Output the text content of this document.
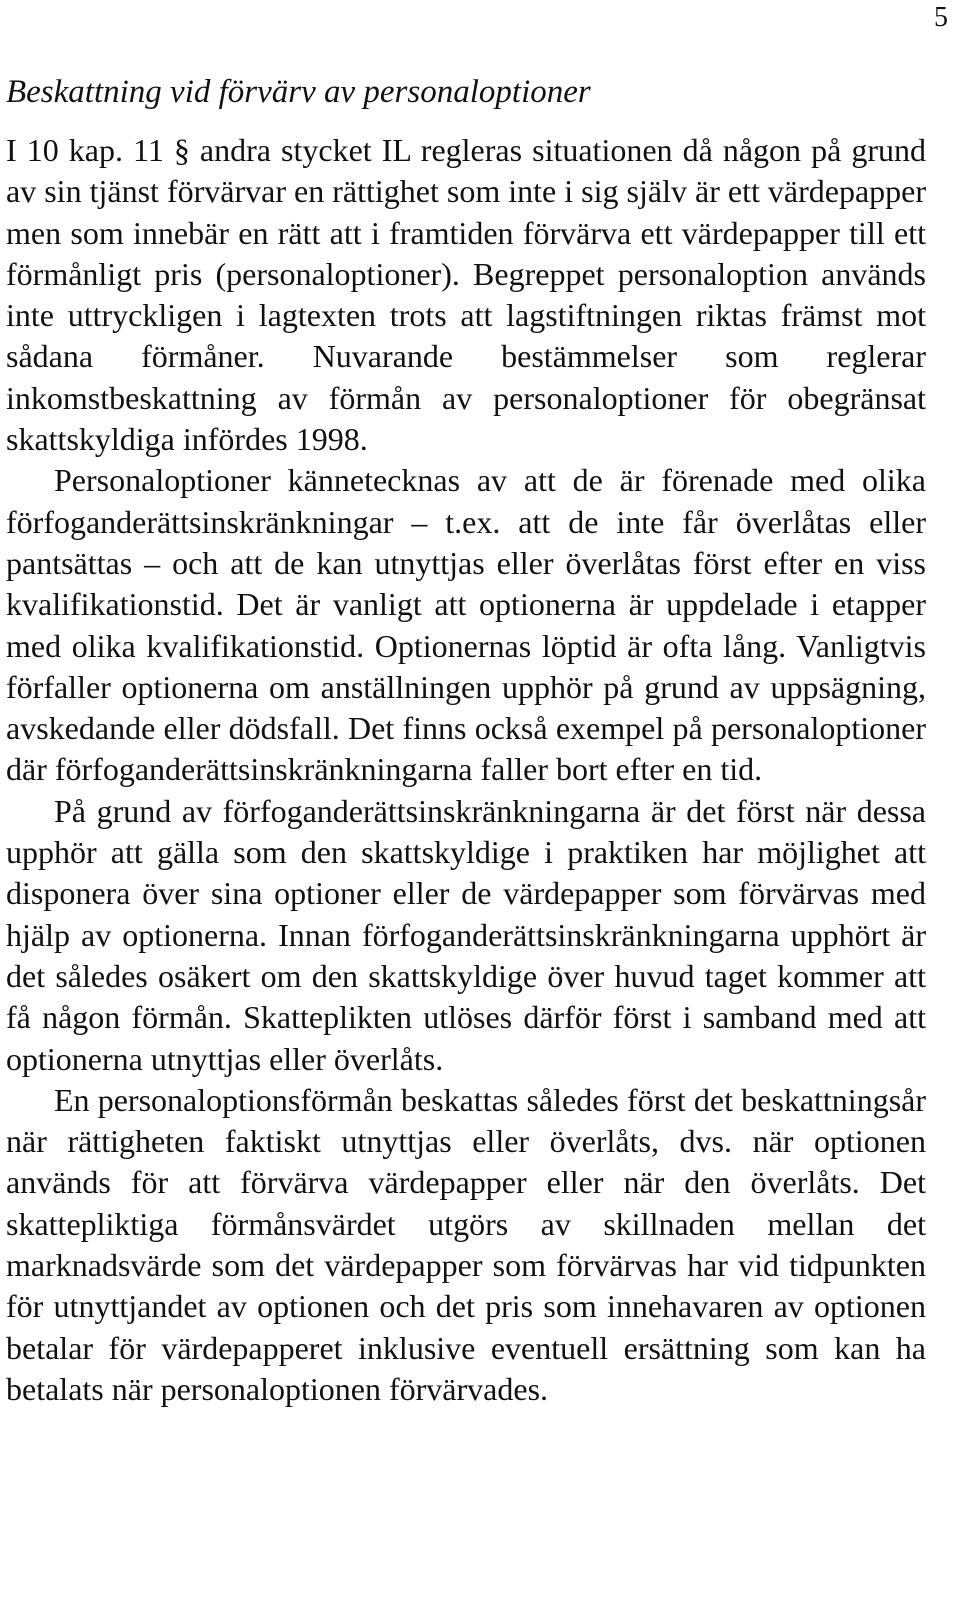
5
Beskattning vid förvärv av personaloptioner

I 10 kap. 11 § andra stycket IL regleras situationen då någon på grund av sin tjänst förvärvar en rättighet som inte i sig själv är ett värdepapper men som innebär en rätt att i framtiden förvärva ett värdepapper till ett förmånligt pris (personaloptioner). Begreppet personaloption används inte uttryckligen i lagtexten trots att lagstiftningen riktas främst mot sådana förmåner. Nuvarande bestämmelser som reglerar inkomstbeskattning av förmån av personaloptioner för obegränsat skattskyldiga infördes 1998.

Personaloptioner kännetecknas av att de är förenade med olika förfoganderättsinskränkningar – t.ex. att de inte får överlåtas eller pantsättas – och att de kan utnyttjas eller överlåtas först efter en viss kvalifikationstid. Det är vanligt att optionerna är uppdelade i etapper med olika kvalifikationstid. Optionernas löptid är ofta lång. Vanligtvis förfaller optionerna om anställningen upphör på grund av uppsägning, avskedande eller dödsfall. Det finns också exempel på personaloptioner där förfoganderättsinskränkningarna faller bort efter en tid.

På grund av förfoganderättsinskränkningarna är det först när dessa upphör att gälla som den skattskyldige i praktiken har möjlighet att disponera över sina optioner eller de värdepapper som förvärvas med hjälp av optionerna. Innan förfoganderättsinskränkningarna upphört är det således osäkert om den skattskyldige över huvud taget kommer att få någon förmån. Skatteplikten utlöses därför först i samband med att optionerna utnyttjas eller överlåts.

En personaloptionsförmån beskattas således först det beskattningsår när rättigheten faktiskt utnyttjas eller överlåts, dvs. när optionen används för att förvärva värdepapper eller när den överlåts. Det skattepliktiga förmånsvärdet utgörs av skillnaden mellan det marknadsvärde som det värdepapper som förvärvas har vid tidpunkten för utnyttjandet av optionen och det pris som innehavaren av optionen betalar för värdepapperet inklusive eventuell ersättning som kan ha betalats när personaloptionen förvärvades.
